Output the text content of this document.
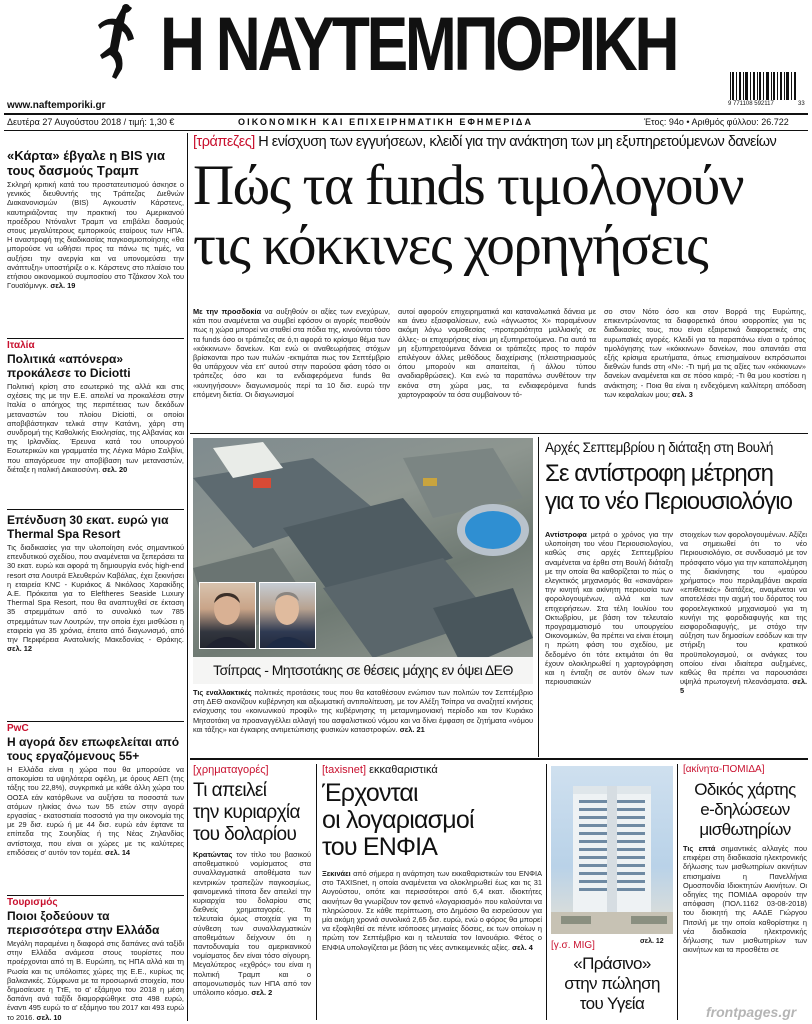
Η ΝΑΥΤΕΜΠΟΡΙΚΗ
www.naftemporiki.gr	9 771108 592117	33
Δευτέρα 27 Αυγούστου 2018 / τιμή: 1,30 €	ΟΙΚΟΝΟΜΙΚΗ ΚΑΙ ΕΠΙΧΕΙΡΗΜΑΤΙΚΗ ΕΦΗΜΕΡΙΔΑ	Έτος: 94ο • Αριθμός φύλλου: 26.722
«Κάρτα» έβγαλε η BIS για τους δασμούς Τραμπ
Σκληρή κριτική κατά του προστατευτισμού άσκησε ο γενικός διευθυντής της Τράπεζας Διεθνών Διακανονισμών (BIS) Αγκουστίν Κάρστενς, καυτηριάζοντας την πρακτική του Αμερικανού προέδρου Ντόναλντ Τραμπ να επιβάλει δασμούς στους μεγαλύτερους εμπορικούς εταίρους των ΗΠΑ. Η αναστροφή της διαδικασίας παγκοσμιοποίησης «θα μπορούσε να ωθήσει προς τα πάνω τις τιμές, να αυξήσει την ανεργία και να υπονομεύσει την ανάπτυξη» υποστήριξε ο κ. Κάρστενς στο πλαίσιο του ετήσιου οικονομικού συμποσίου στο Τζάκσον Χολ του Γουαϊόμινγκ. σελ. 19
Ιταλία
Πολιτικά «απόνερα» προκάλεσε το Diciotti
Πολιτική κρίση στο εσωτερικό της αλλά και στις σχέσεις της με την Ε.Ε. απειλεί να προκαλέσει στην Ιταλία ο απόηχος της περιπέτειας των δεκάδων μεταναστών του πλοίου Diciotti, οι οποίοι αποβιβάστηκαν τελικά στην Κατάνη, χάρη στη συνδρομή της Καθολικής Εκκλησίας, της Αλβανίας και της Ιρλανδίας. Έρευνα κατά του υπουργού Εσωτερικών και γραμματέα της Λέγκα Μάριο Σαλβίνι, που απαγόρευσε την αποβίβαση των μεταναστών, διέταξε η ιταλική Δικαιοσύνη. σελ. 20
Επένδυση 30 εκατ. ευρώ για Thermal Spa Resort
Τις διαδικασίες για την υλοποίηση ενός σημαντικού επενδυτικού σχεδίου, που αναμένεται να ξεπεράσει τα 30 εκατ. ευρώ και αφορά τη δημιουργία ενός high-end resort στα Λουτρά Ελευθερών Καβάλας, έχει ξεκινήσει η εταιρεία KNC - Κυριάκος & Νικόλαος Χαρακίδης Α.Ε. Πρόκειται για το Eleftheres Seaside Luxury Thermal Spa Resort, που θα αναπτυχθεί σε έκταση 35 στρεμμάτων από το συνολικό των 785 στρεμμάτων των Λουτρών, την οποία έχει μισθώσει η εταιρεία για 35 χρόνια, έπειτα από διαγωνισμό, από την Περιφέρεια Ανατολικής Μακεδονίας - Θράκης. σελ. 12
PwC
Η αγορά δεν επωφελείται από τους εργαζόμενους 55+
Η Ελλάδα είναι η χώρα που θα μπορούσε να αποκομίσει τα υψηλότερα οφέλη, με όρους ΑΕΠ (της τάξης του 22,8%), συγκριτικά με κάθε άλλη χώρα του ΟΟΣΑ εάν κατόρθωνε να αυξήσει τα ποσοστά των ατόμων ηλικίας άνω των 55 ετών στην αγορά εργασίας - εκατοστιαία ποσοστά για την οικονομία της με 29 δισ. ευρώ ή με 44 δισ. ευρώ εάν έφτανε τα επίπεδα της Σουηδίας ή της Νέας Ζηλανδίας αντίστοιχα, που είναι οι χώρες με τις καλύτερες επιδόσεις σ' αυτόν τον τομέα. σελ. 14
Τουρισμός
Ποιοι ξοδεύουν τα περισσότερα στην Ελλάδα
Μεγάλη παραμένει η διαφορά στις δαπάνες ανά ταξίδι στην Ελλάδα ανάμεσα στους τουρίστες που προέρχονται από τη Β. Ευρώπη, τις ΗΠΑ αλλά και τη Ρωσία και τις υπόλοιπες χώρες της Ε.Ε., κυρίως τις βαλκανικές. Σύμφωνα με τα προσωρινά στοιχεία, που δημοσίευσε η ΤτΕ, το α' εξάμηνο του 2018 η μέση δαπάνη ανά ταξίδι διαμορφώθηκε στα 498 ευρώ, έναντι 495 ευρώ το α' εξάμηνο του 2017 και 493 ευρώ το 2016. σελ. 10
[τράπεζες] Η ενίσχυση των εγγυήσεων, κλειδί για την ανάκτηση των μη εξυπηρετούμενων δανείων
Πώς τα funds τιμολογούν
τις κόκκινες χορηγήσεις
Με την προσδοκία να αυξηθούν οι αξίες των ενεχύρων, κάτι που αναμένεται να συμβεί εφόσον οι αγορές πεισθούν πως η χώρα μπορεί να σταθεί στα πόδια της, κινούνται τόσο τα funds όσο οι τράπεζες σε ό,τι αφορά το κρίσιμο θέμα των «κόκκινων» δανείων. Και ενώ οι αναθεωρήσεις στόχων βρίσκονται προ των πυλών -εκτιμάται πως τον Σεπτέμβριο θα υπάρχουν νέα επ' αυτού στην παρούσα φάση τόσο οι τράπεζες όσο και τα ενδιαφερόμενα funds θα «κυνηγήσουν» διαγωνισμούς περί τα 10 δισ. ευρώ την επόμενη διετία. Οι διαγωνισμοί
αυτοί αφορούν επιχειρηματικά και καταναλωτικά δάνεια με και άνευ εξασφαλίσεων, ενώ «άγνωστος Χ» παραμένουν ακόμη λόγω νομοθεσίας -προτεραιότητα μαλλιακής σε άλλες- οι επιχειρήσεις είναι μη εξυπηρετούμενα. Για αυτά τα μη εξυπηρετούμενα δάνεια οι τράπεζες προς το παρόν επιλέγουν άλλες μεθόδους διαχείρισης (πλειστηριασμούς όπου μπορούν και απαιτείται, ή άλλου τύπου αναδιαρθρώσεις). Και ενώ τα παραπάνω συνθέτουν την εικόνα στη χώρα μας, τα ενδιαφερόμενα funds χαρτογραφούν τα όσα συμβαίνουν τό-
σο στον Νότο όσο και στον Βορρά της Ευρώπης, επικεντρώνοντας τα διαφορετικά όπου ισορροπίες για τις διαδικασίες τους, που είναι εξαιρετικά διαφορετικές στις ευρωπαϊκές αγορές. Κλειδί για τα παραπάνω είναι ο τρόπος τιμολόγησης των «κόκκινων» δανείων, που απαντάει στα εξής κρίσιμα ερωτήματα, όπως επισημαίνουν εκπρόσωποι διεθνών funds στη «Ν»: -Τι τιμή μα τις αξίες των «κόκκινων» δανείων αναμένεται και σε πόσο καιρό; -Τι θα μου κοστίσει η ανάκτηση; - Ποια θα είναι η ενδεχόμενη καλλίτερη απόδοση των κεφαλαίων μου; σελ. 3
Τσίπρας - Μητσοτάκης σε θέσεις μάχης εν όψει ΔΕΘ
Τις εναλλακτικές πολιτικές προτάσεις τους που θα καταθέσουν ενώπιον των πολιτών τον Σεπτέμβριο στη ΔΕΘ ακονίζουν κυβέρνηση και αξιωματική αντιπολίτευση, με τον Αλέξη Τσίπρα να αναζητεί κινήσεις ενίσχυσης του «κοινωνικού προφίλ» της κυβέρνησης τη μεταμνημονιακή περίοδο και τον Κυριάκο Μητσοτάκη να προαναγγέλλει αλλαγή του ασφαλιστικού νόμου και να δίνει έμφαση σε ζητήματα «νόμου και τάξης» και έγκαιρης αντιμετώπισης φυσικών καταστροφών. σελ. 21
Αρχές Σεπτεμβρίου η διάταξη στη Βουλή
Σε αντίστροφη μέτρηση
για το νέο Περιουσιολόγιο
Αντίστροφα μετρά ο χρόνος για την υλοποίηση του νέου Περιουσιολογίου, καθώς στις αρχές Σεπτεμβρίου αναμένεται να έρθει στη Βουλή διάταξη με την οποία θα καθορίζεται το πώς ο ελεγκτικός μηχανισμός θα «σκανάρει» την κινητή και ακίνητη περιουσία των φορολογουμένων, αλλά και των επιχειρήσεων. Στα τέλη Ιουλίου του Οκτωβρίου, με βάση τον τελευταίο προγραμματισμό του υπουργείου Οικονομικών, θα πρέπει να είναι έτοιμη η πρώτη φάση του σχεδίου, με δεδομένο ότι τότε εκτιμάται ότι θα έχουν ολοκληρωθεί η χαρτογράφηση και η ένταξη σε αυτόν όλων των περιουσιακών
στοιχείων των φορολογουμένων. Αξίζει να σημειωθεί ότι το νέο Περιουσιολόγιο, σε συνδυασμό με τον πρόσφατο νόμο για την καταπολέμηση της διακίνησης του «μαύρου χρήματος» που περιλαμβάνει ακραία «επιθετικές» διατάξεις, αναμένεται να αποτελέσει την αιχμή του δόρατος του φοροελεγκτικού μηχανισμού για τη κυνήγι της φοροδιαφυγής και της εισφοροδιαφυγής, με στόχο την αύξηση των δημοσίων εσόδων και την στήριξη του κρατικού προϋπολογισμού, οι ανάγκες του οποίου είναι ιδιαίτερα αυξημένες, καθώς θα πρέπει να παρουσιάσει υψηλά πρωτογενή πλεονάσματα. σελ. 5
[χρηματαγορές]
Τι απειλεί
την κυριαρχία
του δολαρίου
Κρατώντας τον τίτλο του βασικού αποθεματικού νομίσματος στα συναλλαγματικά αποθέματα των κεντρικών τραπεζών παγκοσμίως, φαινομενικά τίποτα δεν απειλεί την κυριαρχία του δολαρίου στις διεθνείς χρηματαγορές. Τα τελευταία όμως στοιχεία για τη σύνθεση των συναλλαγματικών αποθεμάτων δείχνουν ότι η παντοδυναμία του αμερικανικού νομίσματος δεν είναι τόσο σίγουρη. Μεγαλύτερος «εχθρός» του είναι η πολιτική Τραμπ και ο απομονωτισμός των ΗΠΑ από τον υπόλοιπο κόσμο. σελ. 2
[taxisnet] εκκαθαριστικά
Έρχονται
οι λογαριασμοί
του ΕΝΦΙΑ
Ξεκινάει από σήμερα η ανάρτηση των εκκαθαριστικών του ΕΝΦΙΑ στο TAXISnet, η οποία αναμένεται να ολοκληρωθεί έως και τις 31 Αυγούστου, οπότε και περισσότεροι από 6,4 εκατ. ιδιοκτήτες ακινήτων θα γνωρίζουν τον φετινό «λογαριασμό» που καλούνται να πληρώσουν. Σε κάθε περίπτωση, στο Δημόσιο θα εισρεύσουν για μία ακόμη χρονιά συνολικά 2,65 δισ. ευρώ, ενώ ο φόρος θα μπορεί να εξοφληθεί σε πέντε ισόποσες μηνιαίες δόσεις, εκ των οποίων η πρώτη τον Σεπτέμβριο και η τελευταία τον Ιανουάριο. Φέτος ο ΕΝΦΙΑ υπολογίζεται με βάση τις νέες αντικειμενικές αξίες. σελ. 4
σελ. 12
[γ.σ. MIG]
«Πράσινο»
στην πώληση
του Υγεία
[ακίνητα-ΠΟΜΙΔΑ]
Οδικός χάρτης
e-δηλώσεων
μισθωτηρίων
Τις επτά σημαντικές αλλαγές που επιφέρει στη διαδικασία ηλεκτρονικής δήλωσης των μισθωτηρίων ακινήτων επισημαίνει η Πανελλήνια Ομοσπονδία Ιδιοκτητών Ακινήτων. Οι οδηγίες της ΠΟΜΙΔΑ αφορούν την απόφαση (ΠΟΛ.1162 03-08-2018) του διοικητή της ΑΑΔΕ Γιώργου Πιτσιλή με την οποία καθορίστηκε η νέα διαδικασία ηλεκτρονικής δήλωσης των μισθωτηρίων των ακινήτων και τα προσθέτει σε
frontpages.gr
